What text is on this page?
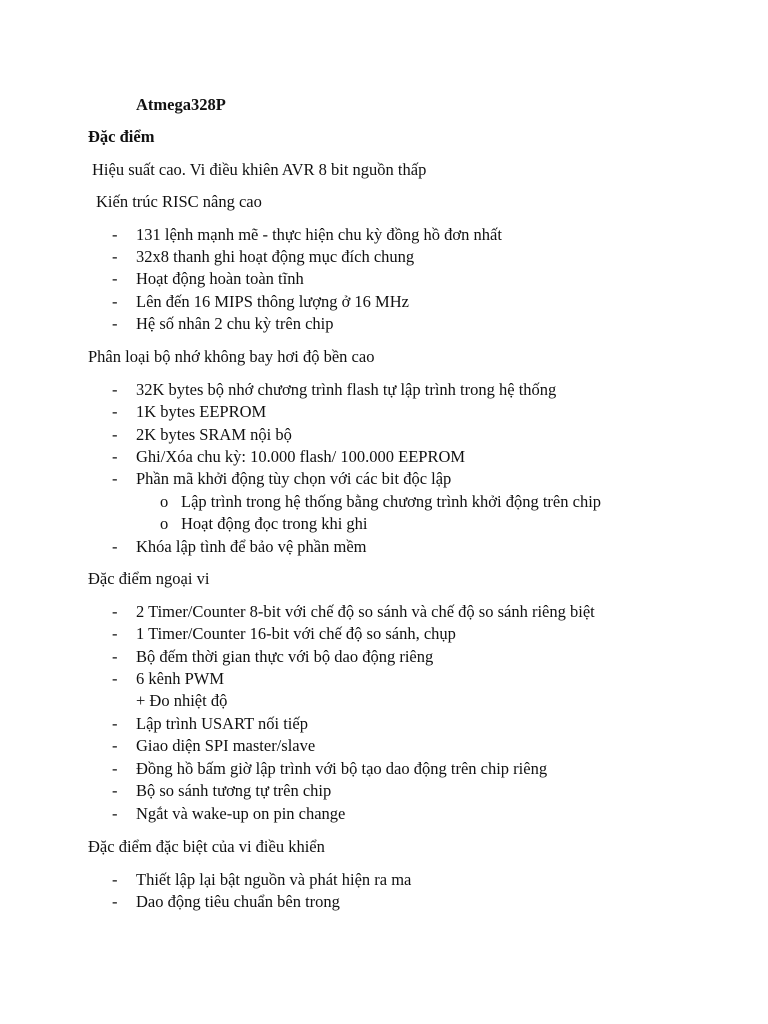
Atmega328P
Đặc điểm
Hiệu suất cao. Vi điều khiên AVR 8 bit nguồn thấp
Kiến trúc RISC nâng cao
- 131 lệnh mạnh mẽ - thực hiện chu kỳ đồng hồ đơn nhất
- 32x8 thanh ghi hoạt động mục đích chung
- Hoạt động hoàn toàn tĩnh
- Lên đến 16 MIPS thông lượng ở 16 MHz
- Hệ số nhân 2 chu kỳ trên chip
Phân loại bộ nhớ không bay hơi độ bền cao
- 32K bytes bộ nhớ chương trình flash tự lập trình trong hệ thống
- 1K bytes EEPROM
- 2K bytes SRAM nội bộ
- Ghi/Xóa chu kỳ: 10.000 flash/ 100.000 EEPROM
- Phần mã khởi động tùy chọn với các bit độc lập
o Lập trình trong hệ thống bằng chương trình khởi động trên chip
o Hoạt động đọc trong khi ghi
- Khóa lập tình để bảo vệ phần mềm
Đặc điểm ngoại vi
- 2 Timer/Counter 8-bit với chế độ so sánh và chế độ so sánh riêng biệt
- 1 Timer/Counter 16-bit với chế độ so sánh, chụp
- Bộ đếm thời gian thực với bộ dao động riêng
- 6 kênh PWM
+ Đo nhiệt độ
- Lập trình USART nối tiếp
- Giao diện SPI master/slave
- Đồng hồ bấm giờ lập trình với bộ tạo dao động trên chip riêng
- Bộ so sánh tương tự trên chip
- Ngắt và wake-up on pin change
Đặc điểm đặc biệt của vi điều khiển
- Thiết lập lại bật nguồn và phát hiện ra ma
- Dao động tiêu chuẩn bên trong
